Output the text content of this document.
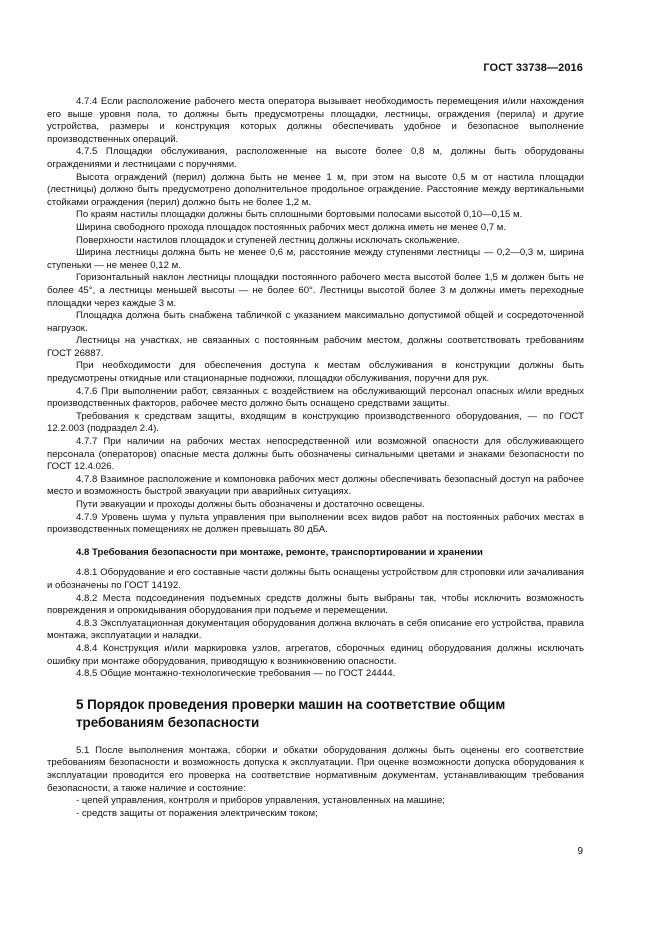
ГОСТ 33738—2016

4.7.4 Если расположение рабочего места оператора вызывает необходимость перемещения и/или нахождения его выше уровня пола, то должны быть предусмотрены площадки, лестницы, ограждения (перила) и другие устройства, размеры и конструкция которых должны обеспечивать удобное и безопасное выполнение производственных операций.

4.7.5 Площадки обслуживания, расположенные на высоте более 0,8 м, должны быть оборудованы ограждениями и лестницами с поручнями.

Высота ограждений (перил) должна быть не менее 1 м, при этом на высоте 0,5 м от настила площадки (лестницы) должно быть предусмотрено дополнительное продольное ограждение. Расстояние между вертикальными стойками ограждения (перил) должно быть не более 1,2 м.

По краям настилы площадки должны быть сплошными бортовыми полосами высотой 0,10—0,15 м.

Ширина свободного прохода площадок постоянных рабочих мест должна иметь не менее 0,7 м.

Поверхности настилов площадок и ступеней лестниц должны исключать скольжение.

Ширина лестницы должна быть не менее 0,6 м, расстояние между ступенями лестницы — 0,2—0,3 м, ширина ступеньки — не менее 0,12 м.

Горизонтальный наклон лестницы площадки постоянного рабочего места высотой более 1,5 м должен быть не более 45°, а лестницы меньшей высоты — не более 60°. Лестницы высотой более 3 м должны иметь переходные площадки через каждые 3 м.

Площадка должна быть снабжена табличкой с указанием максимально допустимой общей и сосредоточенной нагрузок.

Лестницы на участках, не связанных с постоянным рабочим местом, должны соответствовать требованиям ГОСТ 26887.

При необходимости для обеспечения доступа к местам обслуживания в конструкции должны быть предусмотрены откидные или стационарные подножки, площадки обслуживания, поручни для рук.

4.7.6 При выполнении работ, связанных с воздействием на обслуживающий персонал опасных и/или вредных производственных факторов, рабочее место должно быть оснащено средствами защиты.

Требования к средствам защиты, входящим в конструкцию производственного оборудования, — по ГОСТ 12.2.003 (подраздел 2.4).

4.7.7 При наличии на рабочих местах непосредственной или возможной опасности для обслуживающего персонала (операторов) опасные места должны быть обозначены сигнальными цветами и знаками безопасности по ГОСТ 12.4.026.

4.7.8 Взаимное расположение и компоновка рабочих мест должны обеспечивать безопасный доступ на рабочее место и возможность быстрой эвакуации при аварийных ситуациях.

Пути эвакуации и проходы должны быть обозначены и достаточно освещены.

4.7.9 Уровень шума у пульта управления при выполнении всех видов работ на постоянных рабочих местах в производственных помещениях не должен превышать 80 дБА.

4.8 Требования безопасности при монтаже, ремонте, транспортировании и хранении

4.8.1 Оборудование и его составные части должны быть оснащены устройством для строповки или зачаливания и обозначены по ГОСТ 14192.

4.8.2 Места подсоединения подъемных средств должны быть выбраны так, чтобы исключить возможность повреждения и опрокидывания оборудования при подъеме и перемещении.

4.8.3 Эксплуатационная документация оборудования должна включать в себя описание его устройства, правила монтажа, эксплуатации и наладки.

4.8.4 Конструкция и/или маркировка узлов, агрегатов, сборочных единиц оборудования должны исключать ошибку при монтаже оборудования, приводящую к возникновению опасности.

4.8.5 Общие монтажно-технологические требования — по ГОСТ 24444.

5 Порядок проведения проверки машин на соответствие общим
требованиям безопасности

5.1 После выполнения монтажа, сборки и обкатки оборудования должны быть оценены его соответствие требованиям безопасности и возможность допуска к эксплуатации. При оценке возможности допуска оборудования к эксплуатации проводится его проверка на соответствие нормативным документам, устанавливающим требования безопасности, а также наличие и состояние:

- цепей управления, контроля и приборов управления, установленных на машине;
- средств защиты от поражения электрическим током;
9
